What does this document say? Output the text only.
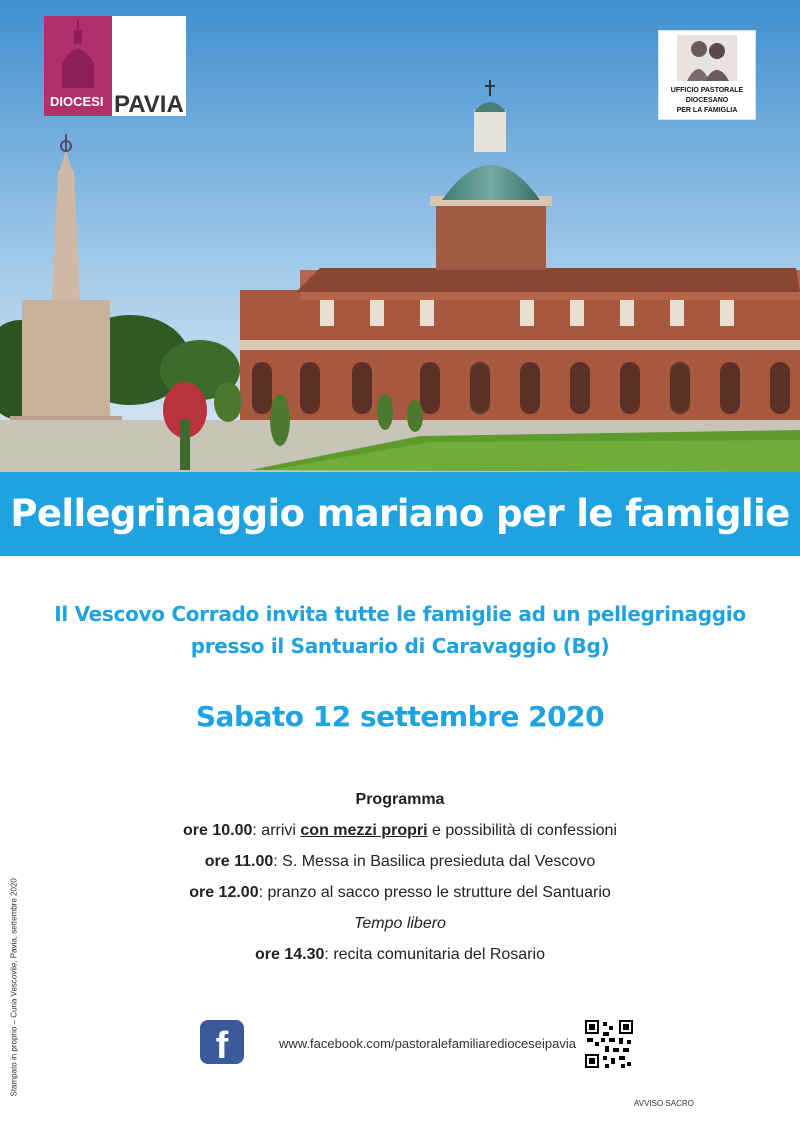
DIOCESI PAVIA
di
UFFICIO PASTORALE
DIOCESANO
PER LA FAMIGLIA
Pellegrinaggio mariano per le famiglie
Il Vescovo Corrado invita tutte le famiglie ad un pellegrinaggio
presso il Santuario di Caravaggio (Bg)
Sabato 12 settembre 2020
Programma
ore 10.00: arrivi con mezzi propri e possibilità di confessioni
ore 11.00: S. Messa in Basilica presieduta dal Vescovo
ore 12.00: pranzo al sacco presso le strutture del Santuario
Tempo libero
ore 14.30: recita comunitaria del Rosario
Stampato in proprio – Curia Vescovile, Pavia, settembre 2020	f	www.facebook.com/pastoralefamiliaredioceseipavia
AVVISO SACRO
